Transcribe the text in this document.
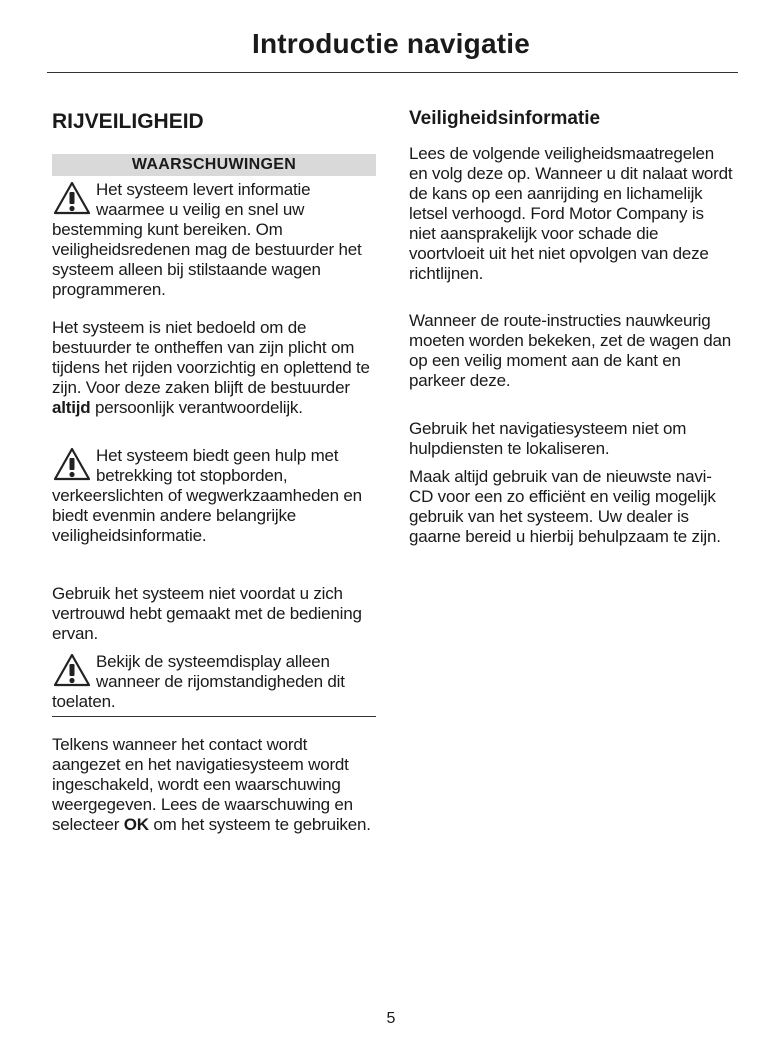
Introductie navigatie
RIJVEILIGHEID
WAARSCHUWINGEN

Het systeem levert informatie waarmee u veilig en snel uw bestemming kunt bereiken. Om veiligheidsredenen mag de bestuurder het systeem alleen bij stilstaande wagen programmeren.

Het systeem is niet bedoeld om de bestuurder te ontheffen van zijn plicht om tijdens het rijden voorzichtig en oplettend te zijn. Voor deze zaken blijft de bestuurder altijd persoonlijk verantwoordelijk.

Het systeem biedt geen hulp met betrekking tot stopborden, verkeerslichten of wegwerkzaamheden en biedt evenmin andere belangrijke veiligheidsinformatie.

Gebruik het systeem niet voordat u zich vertrouwd hebt gemaakt met de bediening ervan.

Bekijk de systeemdisplay alleen wanneer de rijomstandigheden dit toelaten.

Telkens wanneer het contact wordt aangezet en het navigatiesysteem wordt ingeschakeld, wordt een waarschuwing weergegeven. Lees de waarschuwing en selecteer OK om het systeem te gebruiken.

Veiligheidsinformatie

Lees de volgende veiligheidsmaatregelen en volg deze op. Wanneer u dit nalaat wordt de kans op een aanrijding en lichamelijk letsel verhoogd. Ford Motor Company is niet aansprakelijk voor schade die voortvloeit uit het niet opvolgen van deze richtlijnen.

Wanneer de route-instructies nauwkeurig moeten worden bekeken, zet de wagen dan op een veilig moment aan de kant en parkeer deze.

Gebruik het navigatiesysteem niet om hulpdiensten te lokaliseren.

Maak altijd gebruik van de nieuwste navi-CD voor een zo efficiënt en veilig mogelijk gebruik van het systeem. Uw dealer is gaarne bereid u hierbij behulpzaam te zijn.

5
